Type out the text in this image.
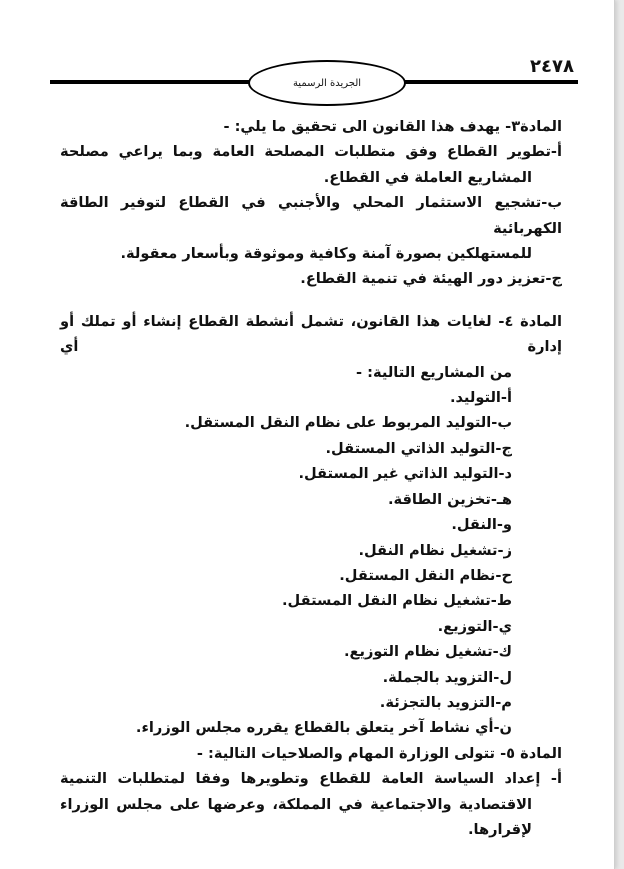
٢٤٧٨
الجريدة الرسمية
المادة٣- يهدف هذا القانون الى تحقيق ما يلي: -
أ-تطوير القطاع وفق متطلبات المصلحة العامة وبما يراعي مصلحة
المشاريع العاملة في القطاع.
ب-تشجيع الاستثمار المحلي والأجنبي في القطاع لتوفير الطاقة الكهربائية
للمستهلكين بصورة آمنة وكافية وموثوقة وبأسعار معقولة.
ج-تعزيز دور الهيئة في تنمية القطاع.
المادة ٤- لغايات هذا القانون، تشمل أنشطة القطاع إنشاء أو تملك أو إدارة أي
من المشاريع التالية: -
أ-التوليد.
ب-التوليد المربوط على نظام النقل المستقل.
ج-التوليد الذاتي المستقل.
د-التوليد الذاتي غير المستقل.
هـ-تخزين الطاقة.
و-النقل.
ز-تشغيل نظام النقل.
ح-نظام النقل المستقل.
ط-تشغيل نظام النقل المستقل.
ي-التوزيع.
ك-تشغيل نظام التوزيع.
ل-التزويد بالجملة.
م-التزويد بالتجزئة.
ن-أي نشاط آخر يتعلق بالقطاع يقرره مجلس الوزراء.
المادة ٥- تتولى الوزارة المهام والصلاحيات التالية: -
أ- إعداد السياسة العامة للقطاع وتطويرها وفقا لمتطلبات التنمية
الاقتصادية والاجتماعية في المملكة، وعرضها على مجلس الوزراء
لإقرارها.
